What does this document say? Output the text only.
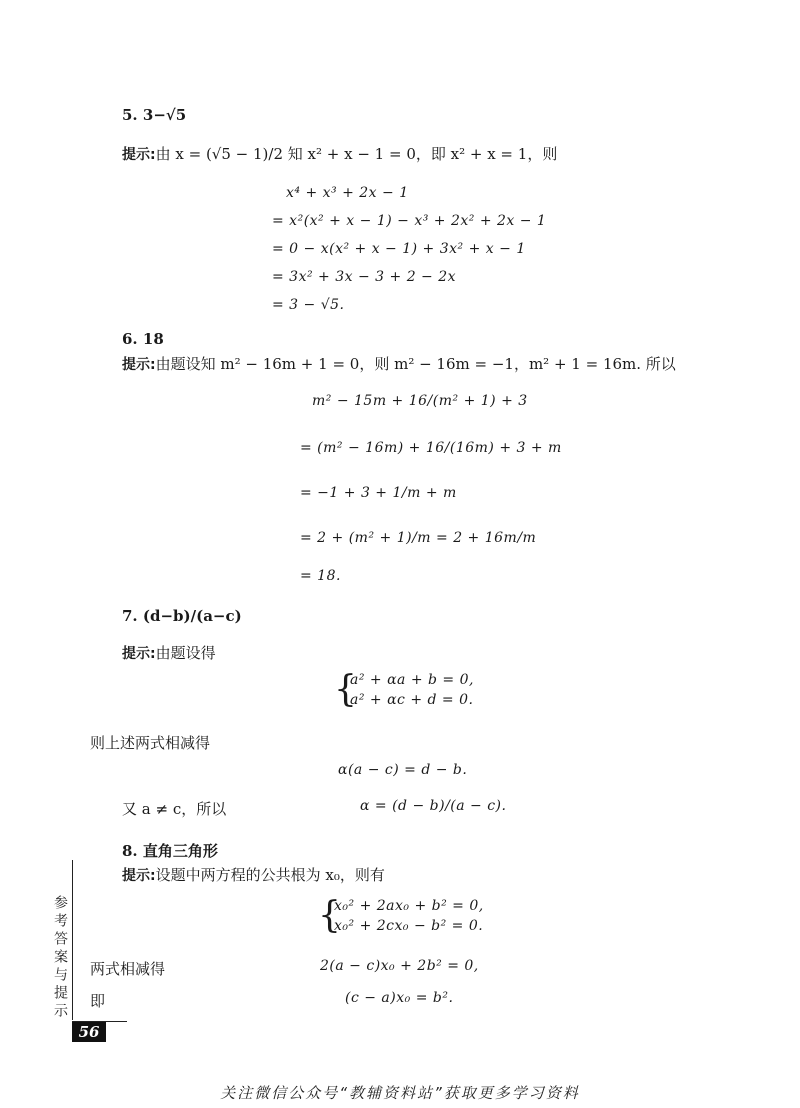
5. 3−√5
提示:由 x = (√5 − 1)/2 知 x² + x − 1 = 0，即 x² + x = 1，则
x⁴ + x³ + 2x − 1
= x²(x² + x − 1) − x³ + 2x² + 2x − 1
= 0 − x(x² + x − 1) + 3x² + x − 1
= 3x² + 3x − 3 + 2 − 2x
= 3 − √5.
6. 18
提示:由题设知 m² − 16m + 1 = 0，则 m² − 16m = −1，m² + 1 = 16m. 所以
m² − 15m + 16/(m² + 1) + 3
= (m² − 16m) + 16/(16m) + 3 + m
= −1 + 3 + 1/m + m
= 2 + (m² + 1)/m = 2 + 16m/m
= 18.
7. (d−b)/(a−c)
提示:由题设得
{
a² + αa + b = 0,
a² + αc + d = 0.
则上述两式相减得
α(a − c) = d − b.
又 a ≠ c，所以	α = (d − b)/(a − c).
8. 直角三角形
提示:设题中两方程的公共根为 x₀，则有
{
x₀² + 2ax₀ + b² = 0,
x₀² + 2cx₀ − b² = 0.
两式相减得	2(a − c)x₀ + 2b² = 0,
即	(c − a)x₀ = b².
参考答案与提示
56
关注微信公众号“教辅资料站”获取更多学习资料
